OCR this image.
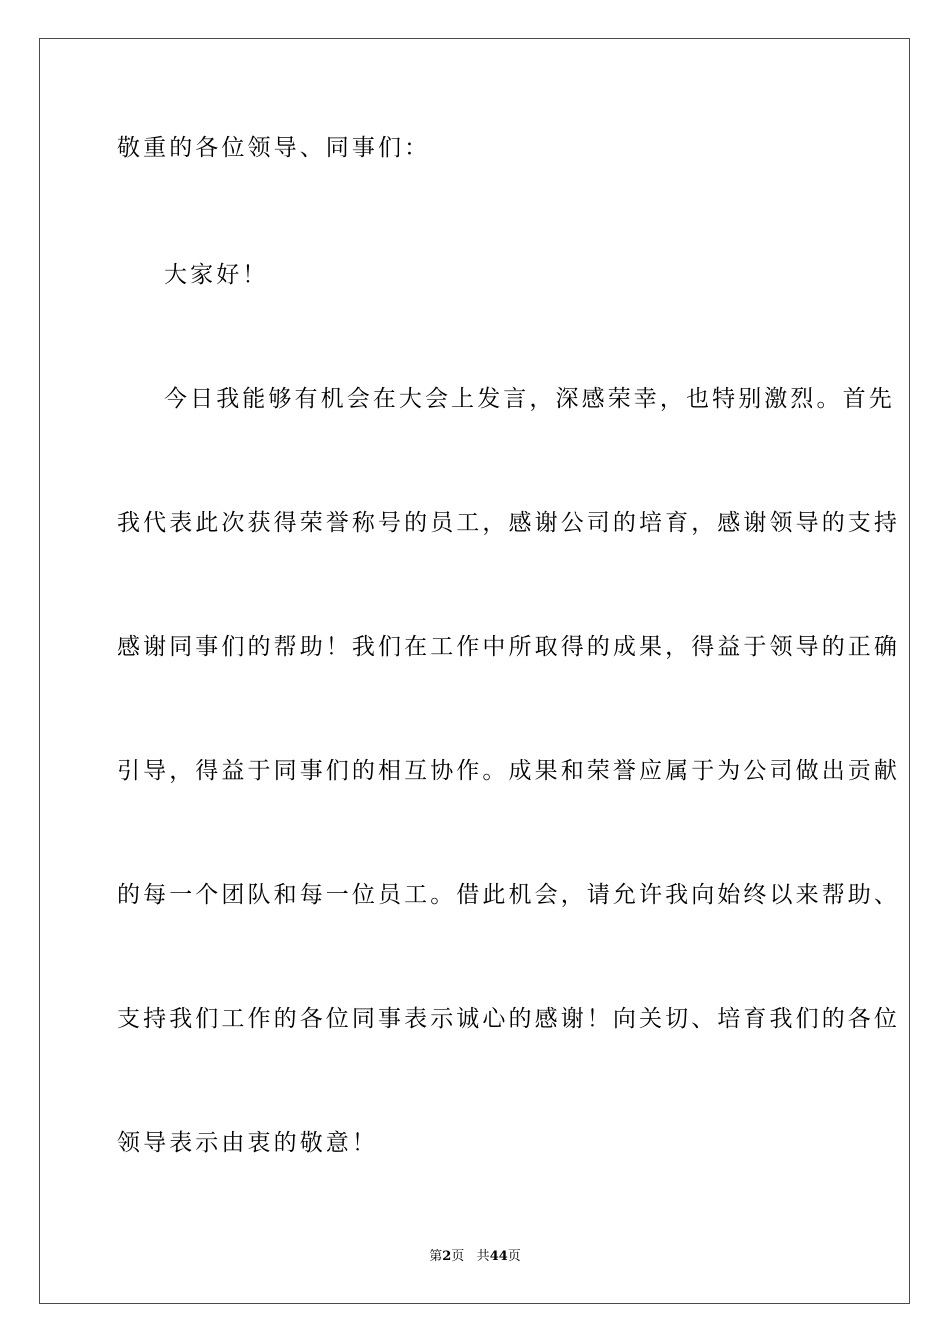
敬重的各位领导、同事们：
大家好！
今日我能够有机会在大会上发言，深感荣幸，也特别激烈。首先
我代表此次获得荣誉称号的员工，感谢公司的培育，感谢领导的支持
感谢同事们的帮助！我们在工作中所取得的成果，得益于领导的正确
引导，得益于同事们的相互协作。成果和荣誉应属于为公司做出贡献
的每一个团队和每一位员工。借此机会，请允许我向始终以来帮助、
支持我们工作的各位同事表示诚心的感谢！向关切、培育我们的各位
领导表示由衷的敬意！
第2页 共44页
